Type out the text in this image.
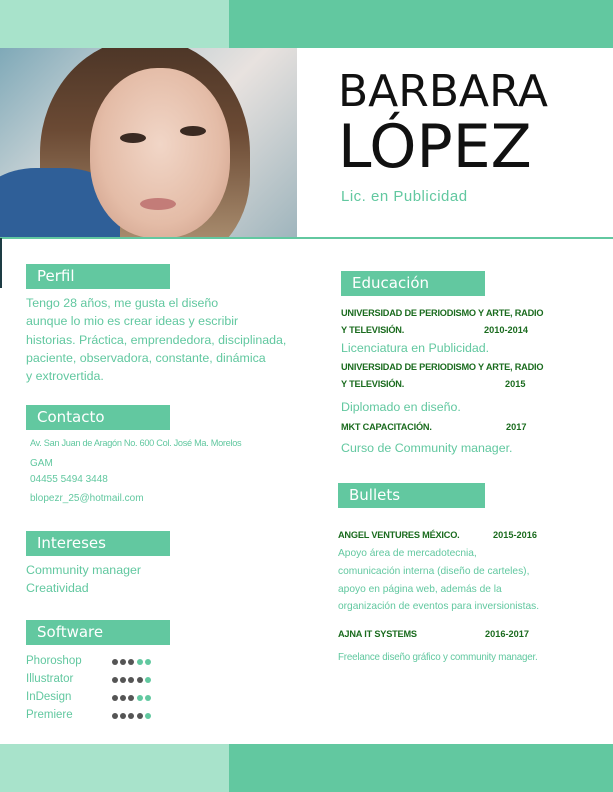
BARBARA
LÓPEZ
Lic. en Publicidad
Perfil
Tengo 28 años, me gusta el diseño
aunque lo mio es crear ideas y escribir
historias. Práctica, emprendedora, disciplinada,
paciente, observadora, constante, dinámica
y extrovertida.
Contacto
Av. San Juan de Aragón No. 600 Col. José Ma. Morelos
GAM
04455 5494 3448
blopezr_25@hotmail.com
Intereses
Community manager
Creatividad
Software
Phoroshop
Illustrator
InDesign
Premiere
Educación
UNIVERSIDAD DE PERIODISMO Y ARTE, RADIO
Y TELEVISIÓN.	2010-2014
Licenciatura en Publicidad.
UNIVERSIDAD DE PERIODISMO Y ARTE, RADIO
Y TELEVISIÓN.	2015
Diplomado en diseño.
MKT CAPACITACIÓN.	2017
Curso de Community manager.
Bullets
ANGEL VENTURES MÉXICO.	2015-2016
Apoyo área de mercadotecnia,
comunicación interna (diseño de carteles),
apoyo en página web, además de la
organización de eventos para inversionistas.
AJNA IT SYSTEMS	2016-2017
Freelance diseño gráfico y community manager.
